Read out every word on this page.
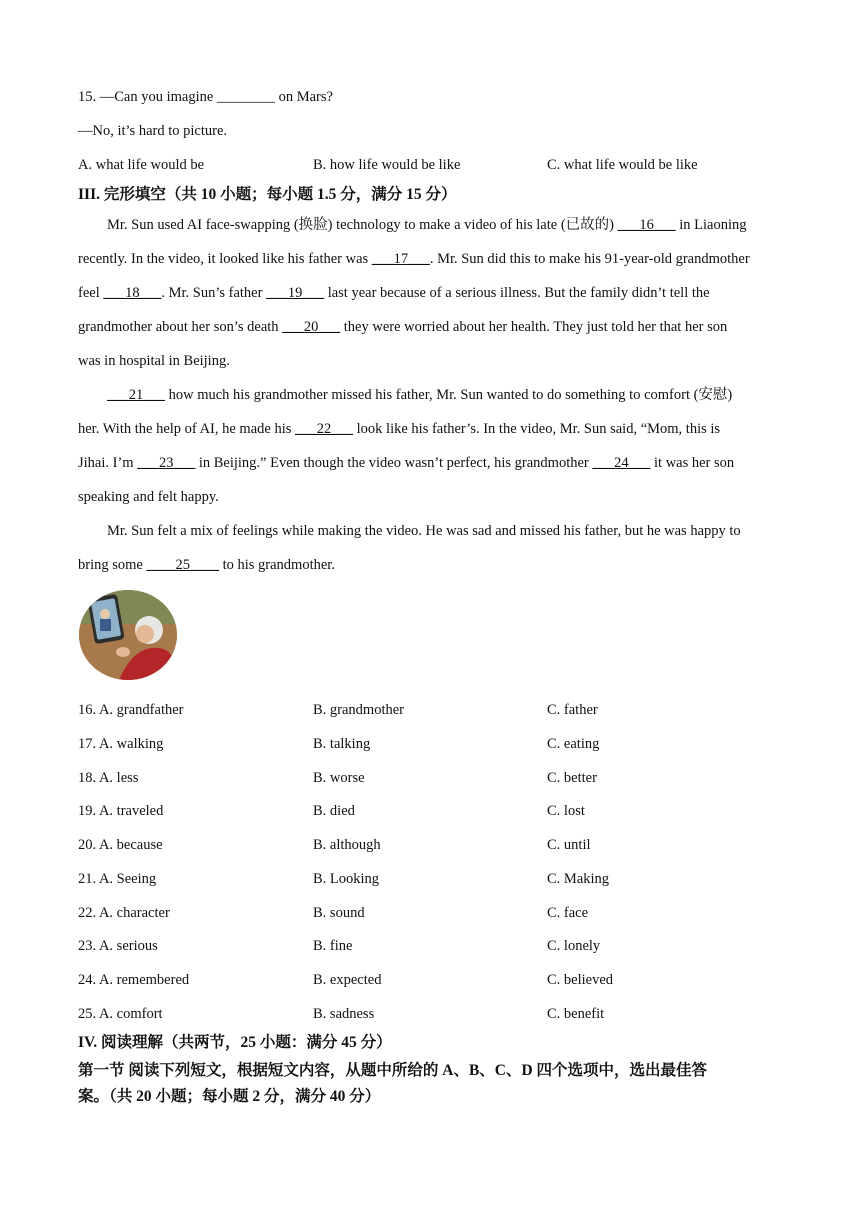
15. —Can you imagine ________ on Mars?
—No, it’s hard to picture.
A. what life would be	B. how life would be like	C. what life would be like
III. 完形填空（共 10 小题；每小题 1.5 分，满分 15 分）
Mr. Sun used AI face-swapping (换脸) technology to make a video of his late (已故的) ___16___ in Liaoning
recently. In the video, it looked like his father was ___17___. Mr. Sun did this to make his 91-year-old grandmother
feel ___18___. Mr. Sun’s father ___19___ last year because of a serious illness. But the family didn’t tell the
grandmother about her son’s death ___20___ they were worried about her health. They just told her that her son
was in hospital in Beijing.
___21___ how much his grandmother missed his father, Mr. Sun wanted to do something to comfort (安慰)
her. With the help of AI, he made his ___22___ look like his father’s. In the video, Mr. Sun said, “Mom, this is
Jihai. I’m ___23___ in Beijing.” Even though the video wasn’t perfect, his grandmother ___24___ it was her son
speaking and felt happy.
Mr. Sun felt a mix of feelings while making the video. He was sad and missed his father, but he was happy to
bring some ____25____ to his grandmother.
16. A. grandfather	B. grandmother	C. father
17. A. walking	B. talking	C. eating
18. A. less	B. worse	C. better
19. A. traveled	B. died	C. lost
20. A. because	B. although	C. until
21. A. Seeing	B. Looking	C. Making
22. A. character	B. sound	C. face
23. A. serious	B. fine	C. lonely
24. A. remembered	B. expected	C. believed
25. A. comfort	B. sadness	C. benefit
IV. 阅读理解（共两节，25 小题：满分 45 分）
第一节 阅读下列短文，根据短文内容，从题中所给的 A、B、C、D 四个选项中，选出最佳答
案。（共 20 小题；每小题 2 分，满分 40 分）
